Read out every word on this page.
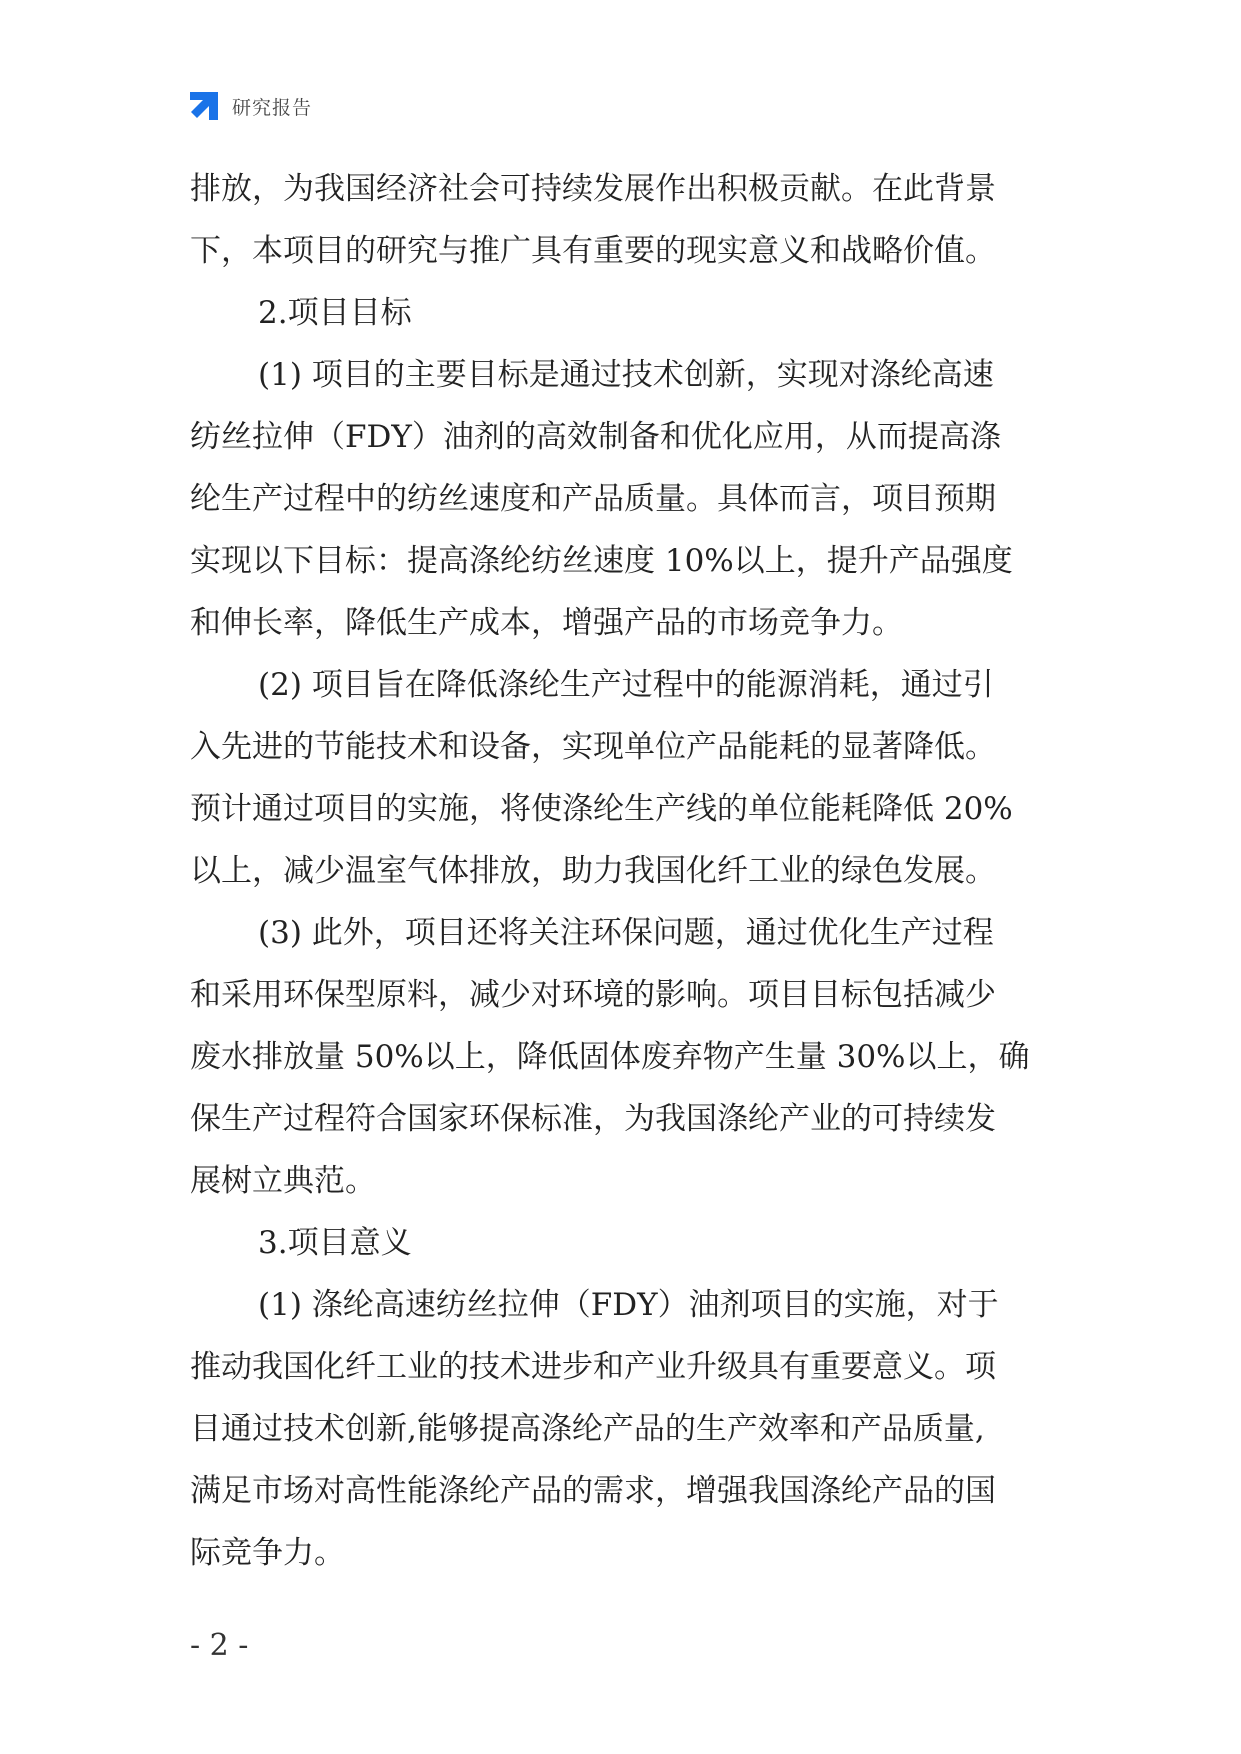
研究报告
排放，为我国经济社会可持续发展作出积极贡献。在此背景
下，本项目的研究与推广具有重要的现实意义和战略价值。
2.项目目标
(1) 项目的主要目标是通过技术创新，实现对涤纶高速
纺丝拉伸（FDY）油剂的高效制备和优化应用，从而提高涤
纶生产过程中的纺丝速度和产品质量。具体而言，项目预期
实现以下目标：提高涤纶纺丝速度 10%以上，提升产品强度
和伸长率，降低生产成本，增强产品的市场竞争力。
(2) 项目旨在降低涤纶生产过程中的能源消耗，通过引
入先进的节能技术和设备，实现单位产品能耗的显著降低。
预计通过项目的实施，将使涤纶生产线的单位能耗降低 20%
以上，减少温室气体排放，助力我国化纤工业的绿色发展。
(3) 此外，项目还将关注环保问题，通过优化生产过程
和采用环保型原料，减少对环境的影响。项目目标包括减少
废水排放量 50%以上，降低固体废弃物产生量 30%以上，确
保生产过程符合国家环保标准，为我国涤纶产业的可持续发
展树立典范。
3.项目意义
(1) 涤纶高速纺丝拉伸（FDY）油剂项目的实施，对于
推动我国化纤工业的技术进步和产业升级具有重要意义。项
目通过技术创新,能够提高涤纶产品的生产效率和产品质量,
满足市场对高性能涤纶产品的需求，增强我国涤纶产品的国
际竞争力。
- 2 -
